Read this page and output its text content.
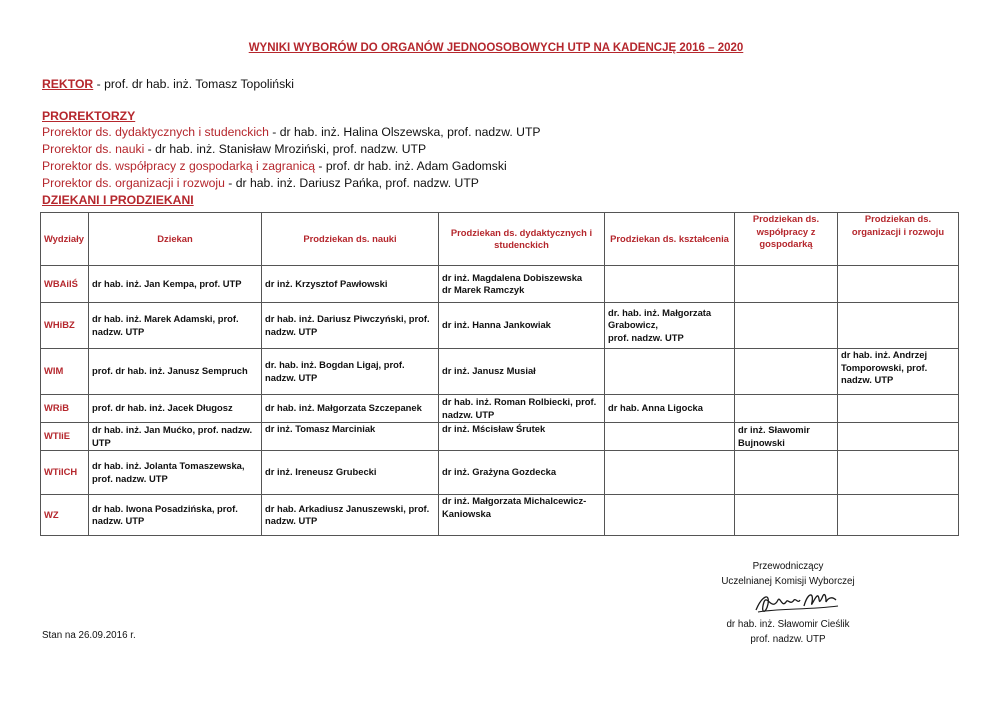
WYNIKI WYBORÓW DO ORGANÓW JEDNOOSOBOWYCH UTP NA KADENCJĘ 2016 – 2020
REKTOR - prof. dr hab. inż. Tomasz Topoliński
PROREKTORZY
Prorektor ds. dydaktycznych i studenckich - dr hab. inż. Halina Olszewska, prof. nadzw. UTP
Prorektor ds. nauki - dr hab. inż. Stanisław Mroziński, prof. nadzw. UTP
Prorektor ds. współpracy z gospodarką i zagranicą - prof. dr hab. inż. Adam Gadomski
Prorektor ds. organizacji i rozwoju - dr hab. inż. Dariusz Pańka, prof. nadzw. UTP
DZIEKANI I PRODZIEKANI
Wydziały	Dziekan	Prodziekan ds. nauki	Prodziekan ds. dydaktycznych i studenckich	Prodziekan ds. kształcenia	Prodziekan ds. współpracy z gospodarką	Prodziekan ds. organizacji i rozwoju
WBAiIŚ	dr hab. inż. Jan Kempa, prof. UTP	dr inż. Krzysztof Pawłowski	dr inż. Magdalena Dobiszewska
dr Marek Ramczyk			
WHiBZ	dr hab. inż. Marek Adamski, prof. nadzw. UTP	dr hab. inż. Dariusz Piwczyński, prof. nadzw. UTP	dr inż. Hanna Jankowiak	dr. hab. inż. Małgorzata Grabowicz,
prof. nadzw. UTP		
WIM	prof. dr hab. inż. Janusz Sempruch	dr. hab. inż. Bogdan Ligaj, prof. nadzw. UTP	dr inż. Janusz Musiał			dr hab. inż. Andrzej Tomporowski, prof. nadzw. UTP
WRiB	prof. dr hab. inż. Jacek Długosz	dr hab. inż. Małgorzata Szczepanek	dr hab. inż. Roman Rolbiecki, prof. nadzw. UTP	dr hab. Anna Ligocka		
WTIiE	dr hab. inż. Jan Mućko, prof. nadzw. UTP	dr inż. Tomasz Marciniak	dr inż. Mścisław Śrutek		dr inż. Sławomir Bujnowski	
WTiICH	dr hab. inż. Jolanta Tomaszewska, prof. nadzw. UTP	dr inż. Ireneusz Grubecki	dr inż. Grażyna Gozdecka			
WZ	dr hab. Iwona Posadzińska, prof. nadzw. UTP	dr hab. Arkadiusz Januszewski, prof. nadzw. UTP	dr inż. Małgorzata Michalcewicz-Kaniowska			
Przewodniczący
Uczelnianej Komisji Wyborczej
dr hab. inż. Sławomir Cieślik
prof. nadzw. UTP
Stan na 26.09.2016 r.
